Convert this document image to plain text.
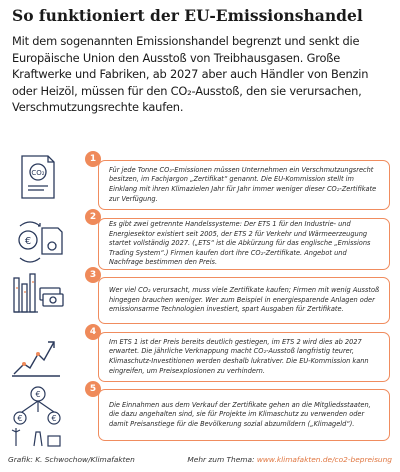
So funktioniert der EU-Emissionshandel
Mit dem sogenannten Emissionshandel begrenzt und senkt die Europäische Union den Ausstoß von Treibhausgasen. Große Kraftwerke und Fabriken, ab 2027 aber auch Händler von Benzin oder Heizöl, müssen für den CO₂-Ausstoß, den sie verursachen, Verschmutzungsrechte kaufen.
CO₂
€
€
€	€
Für jede Tonne CO₂-Emissionen müssen Unternehmen ein Verschmutzungsrecht besitzen, im Fachjargon „Zertifikat“ genannt. Die EU-Kommission stellt im Einklang mit ihren Klimazielen Jahr für Jahr immer weniger dieser CO₂-Zertifikate zur Verfügung.
1
Es gibt zwei getrennte Handelssysteme: Der ETS 1 für den Industrie- und Energiesektor existiert seit 2005, der ETS 2 für Verkehr und Wärmeerzeugung startet vollständig 2027. („ETS“ ist die Abkürzung für das englische „Emissions Trading System“.) Firmen kaufen dort ihre CO₂-Zertifikate. Angebot und Nachfrage bestimmen den Preis.
2
Wer viel CO₂ verursacht, muss viele Zertifikate kaufen; Firmen mit wenig Ausstoß hingegen brauchen weniger. Wer zum Beispiel in energiesparende Anlagen oder emissionsarme Technologien investiert, spart Ausgaben für Zertifikate.
3
Im ETS 1 ist der Preis bereits deutlich gestiegen, im ETS 2 wird dies ab 2027 erwartet. Die jährliche Verknappung macht CO₂-Ausstoß langfristig teurer, Klimaschutz-Investitionen werden deshalb lukrativer. Die EU-Kommission kann eingreifen, um Preisexplosionen zu verhindern.
4
Die Einnahmen aus dem Verkauf der Zertifikate gehen an die Mitgliedsstaaten, die dazu angehalten sind, sie für Projekte im Klimaschutz zu verwenden oder damit Preisanstiege für die Bevölkerung sozial abzumildern („Klimageld“).
5
Grafik: K. Schwochow/Klimafakten	Mehr zum Thema: www.klimafakten.de/co2-bepreisung
